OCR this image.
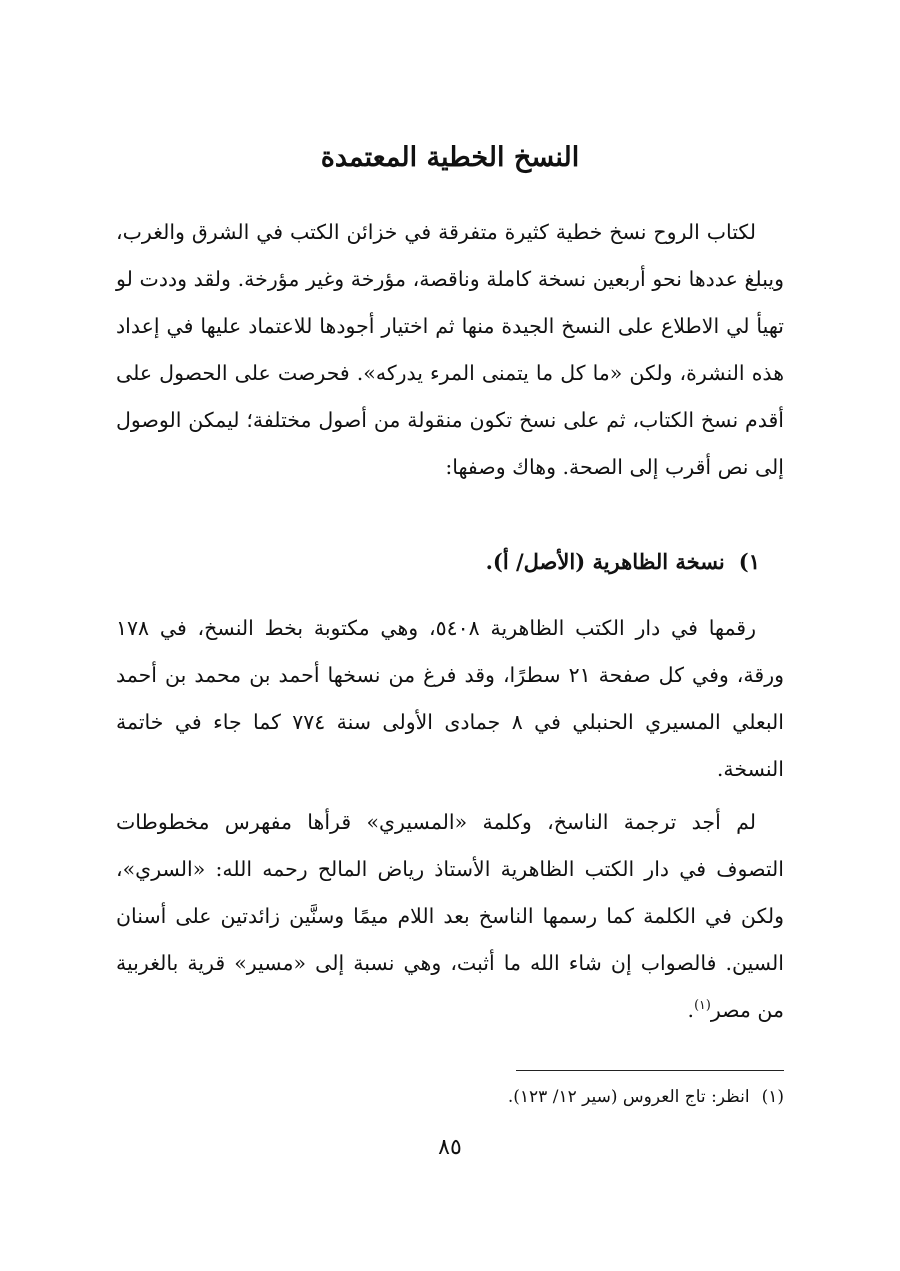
النسخ الخطية المعتمدة

لكتاب الروح نسخ خطية كثيرة متفرقة في خزائن الكتب في الشرق والغرب، ويبلغ عددها نحو أربعين نسخة كاملة وناقصة، مؤرخة وغير مؤرخة. ولقد وددت لو تهيأ لي الاطلاع على النسخ الجيدة منها ثم اختيار أجودها للاعتماد عليها في إعداد هذه النشرة، ولكن «ما كل ما يتمنى المرء يدركه». فحرصت على الحصول على أقدم نسخ الكتاب، ثم على نسخ تكون منقولة من أصول مختلفة؛ ليمكن الوصول إلى نص أقرب إلى الصحة. وهاك وصفها:

١)نسخة الظاهرية (الأصل/ أ).

رقمها في دار الكتب الظاهرية ٥٤٠٨، وهي مكتوبة بخط النسخ، في ١٧٨ ورقة، وفي كل صفحة ٢١ سطرًا، وقد فرغ من نسخها أحمد بن محمد بن أحمد البعلي المسيري الحنبلي في ٨ جمادى الأولى سنة ٧٧٤ كما جاء في خاتمة النسخة.

لم أجد ترجمة الناسخ، وكلمة «المسيري» قرأها مفهرس مخطوطات التصوف في دار الكتب الظاهرية الأستاذ رياض المالح رحمه الله: «السري»، ولكن في الكلمة كما رسمها الناسخ بعد اللام ميمًا وسنَّين زائدتين على أسنان السين. فالصواب إن شاء الله ما أثبت، وهي نسبة إلى «مسير» قرية بالغربية من مصر$^{(١)}$.

(١)انظر: تاج العروس (سير ١٢/ ١٢٣).
٨٥
